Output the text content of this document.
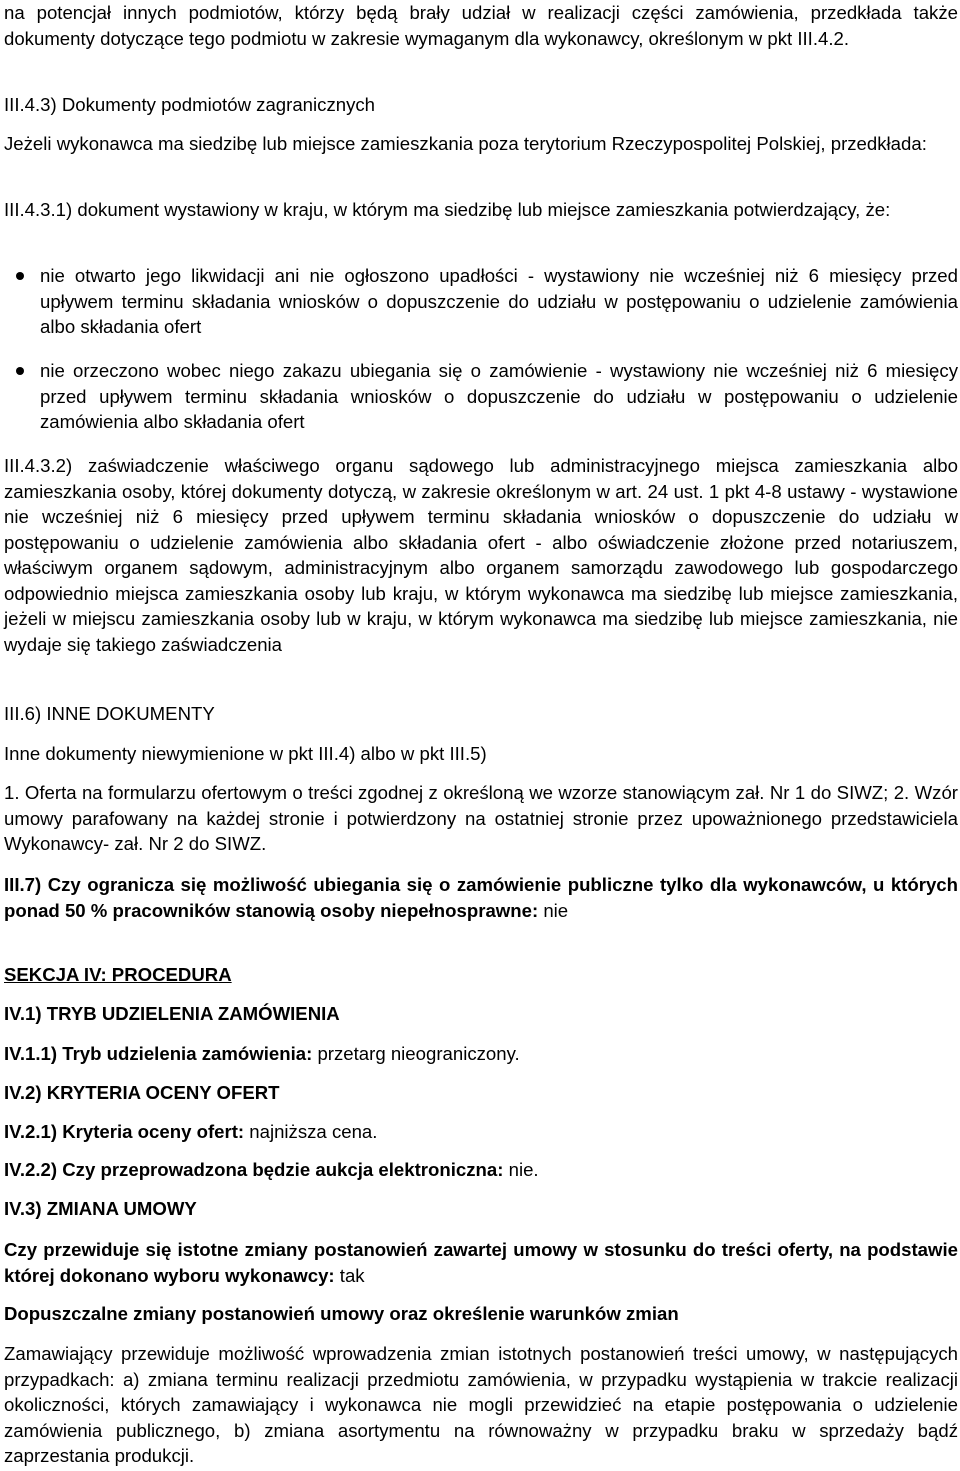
na potencjał innych podmiotów, którzy będą brały udział w realizacji części zamówienia, przedkłada także dokumenty dotyczące tego podmiotu w zakresie wymaganym dla wykonawcy, określonym w pkt III.4.2.

III.4.3) Dokumenty podmiotów zagranicznych

Jeżeli wykonawca ma siedzibę lub miejsce zamieszkania poza terytorium Rzeczypospolitej Polskiej, przedkłada:

III.4.3.1) dokument wystawiony w kraju, w którym ma siedzibę lub miejsce zamieszkania potwierdzający, że:

nie otwarto jego likwidacji ani nie ogłoszono upadłości - wystawiony nie wcześniej niż 6 miesięcy przed upływem terminu składania wniosków o dopuszczenie do udziału w postępowaniu o udzielenie zamówienia albo składania ofert
nie orzeczono wobec niego zakazu ubiegania się o zamówienie - wystawiony nie wcześniej niż 6 miesięcy przed upływem terminu składania wniosków o dopuszczenie do udziału w postępowaniu o udzielenie zamówienia albo składania ofert

III.4.3.2) zaświadczenie właściwego organu sądowego lub administracyjnego miejsca zamieszkania albo zamieszkania osoby, której dokumenty dotyczą, w zakresie określonym w art. 24 ust. 1 pkt 4-8 ustawy - wystawione nie wcześniej niż 6 miesięcy przed upływem terminu składania wniosków o dopuszczenie do udziału w postępowaniu o udzielenie zamówienia albo składania ofert - albo oświadczenie złożone przed notariuszem, właściwym organem sądowym, administracyjnym albo organem samorządu zawodowego lub gospodarczego odpowiednio miejsca zamieszkania osoby lub kraju, w którym wykonawca ma siedzibę lub miejsce zamieszkania, jeżeli w miejscu zamieszkania osoby lub w kraju, w którym wykonawca ma siedzibę lub miejsce zamieszkania, nie wydaje się takiego zaświadczenia

III.6) INNE DOKUMENTY

Inne dokumenty niewymienione w pkt III.4) albo w pkt III.5)

1. Oferta na formularzu ofertowym o treści zgodnej z określoną we wzorze stanowiącym zał. Nr 1 do SIWZ; 2. Wzór umowy parafowany na każdej stronie i potwierdzony na ostatniej stronie przez upoważnionego przedstawiciela Wykonawcy- zał. Nr 2 do SIWZ.

III.7) Czy ogranicza się możliwość ubiegania się o zamówienie publiczne tylko dla wykonawców, u których ponad 50 % pracowników stanowią osoby niepełnosprawne: nie

SEKCJA IV: PROCEDURA

IV.1) TRYB UDZIELENIA ZAMÓWIENIA

IV.1.1) Tryb udzielenia zamówienia: przetarg nieograniczony.

IV.2) KRYTERIA OCENY OFERT

IV.2.1) Kryteria oceny ofert: najniższa cena.

IV.2.2) Czy przeprowadzona będzie aukcja elektroniczna: nie.

IV.3) ZMIANA UMOWY

Czy przewiduje się istotne zmiany postanowień zawartej umowy w stosunku do treści oferty, na podstawie której dokonano wyboru wykonawcy: tak

Dopuszczalne zmiany postanowień umowy oraz określenie warunków zmian

Zamawiający przewiduje możliwość wprowadzenia zmian istotnych postanowień treści umowy, w następujących przypadkach: a) zmiana terminu realizacji przedmiotu zamówienia, w przypadku wystąpienia w trakcie realizacji okoliczności, których zamawiający i wykonawca nie mogli przewidzieć na etapie postępowania o udzielenie zamówienia publicznego, b) zmiana asortymentu na równoważny w przypadku braku w sprzedaży bądź zaprzestania produkcji.
